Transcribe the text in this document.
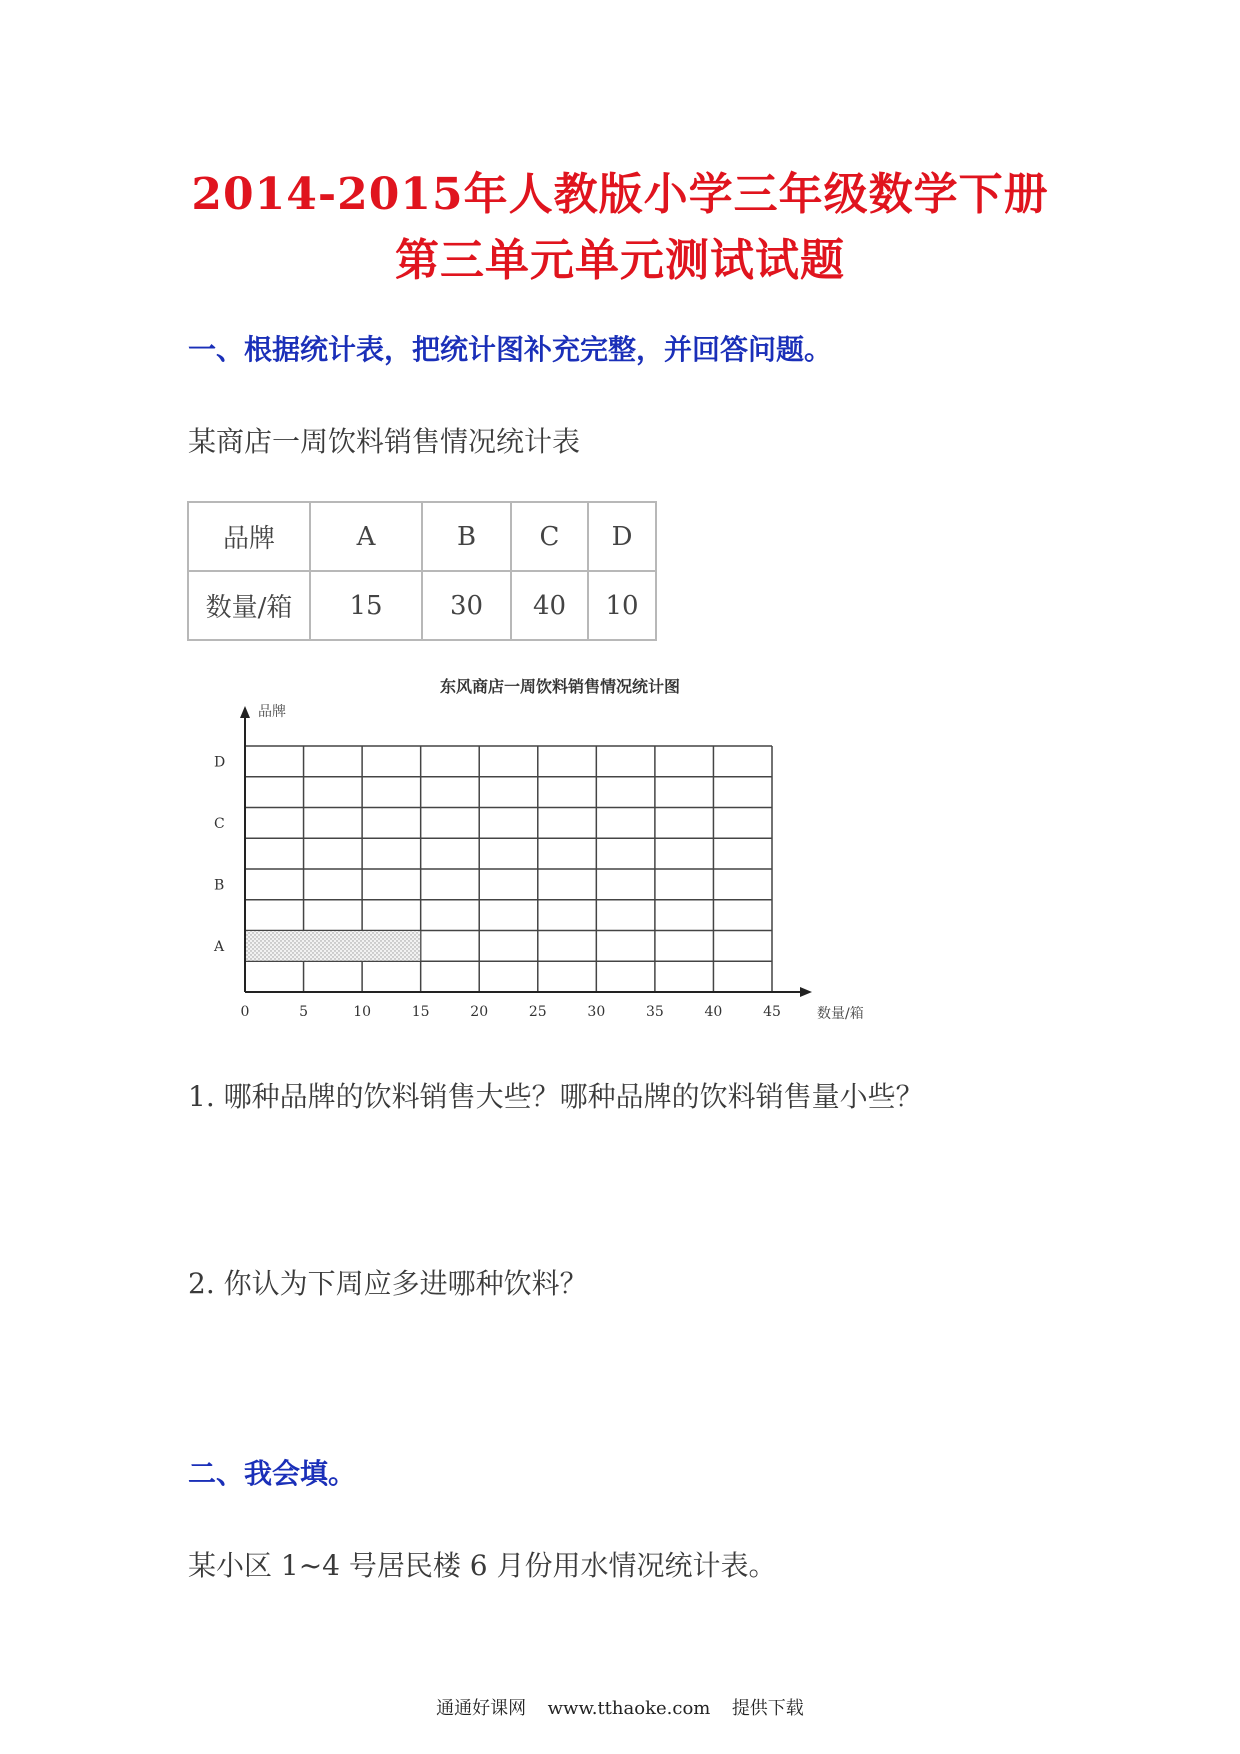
2014-2015年人教版小学三年级数学下册
第三单元单元测试试题
一、根据统计表，把统计图补充完整，并回答问题。
某商店一周饮料销售情况统计表
品牌	A	B	C	D
数量/箱	15	30	40	10
东风商店一周饮料销售情况统计图
A
B
C
D
品牌
0	5	10	15	20	25	30	35	40	45	数量/箱
1. 哪种品牌的饮料销售大些？哪种品牌的饮料销售量小些？
2. 你认为下周应多进哪种饮料？
二、我会填。
某小区 1~4 号居民楼 6 月份用水情况统计表。
通通好课网 www.tthaoke.com 提供下载
